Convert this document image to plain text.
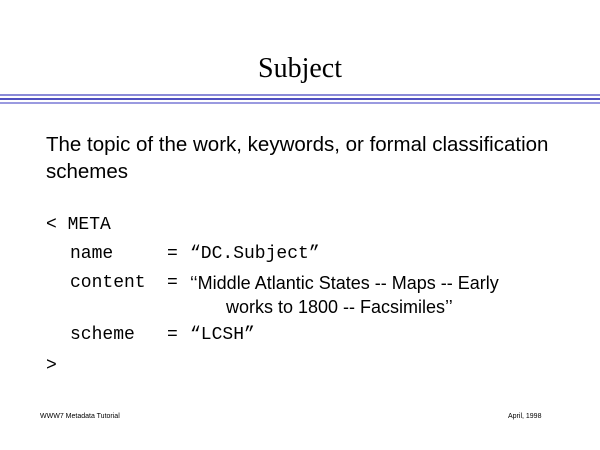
Subject
The topic of the work, keywords, or formal classification schemes
< META
name	= “DC.Subject”
content = ‘‘Middle Atlantic States -- Maps -- Early
works to 1800 -- Facsimiles’’
scheme = “LCSH”
>
WWW7 Metadata Tutorial	April, 1998
